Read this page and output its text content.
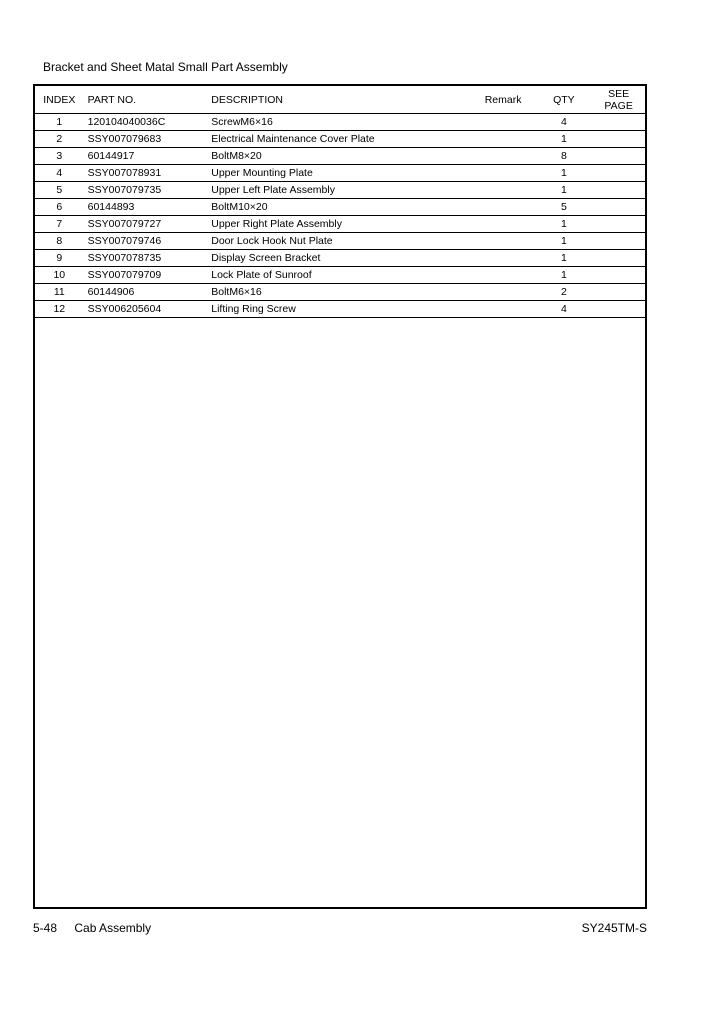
Bracket and Sheet Matal Small Part Assembly
INDEX	PART NO.	DESCRIPTION	Remark	QTY	SEE
PAGE

1	120104040036C	ScrewM6×16		4	
2	SSY007079683	Electrical Maintenance Cover Plate		1	
3	60144917	BoltM8×20		8	
4	SSY007078931	Upper Mounting Plate		1	
5	SSY007079735	Upper Left Plate Assembly		1	
6	60144893	BoltM10×20		5	
7	SSY007079727	Upper Right Plate Assembly		1	
8	SSY007079746	Door Lock Hook Nut Plate		1	
9	SSY007078735	Display Screen Bracket		1	
10	SSY007079709	Lock Plate of Sunroof		1	
11	60144906	BoltM6×16		2	
12	SSY006205604	Lifting Ring Screw		4	
5-48 Cab Assembly	SY245TM-S
